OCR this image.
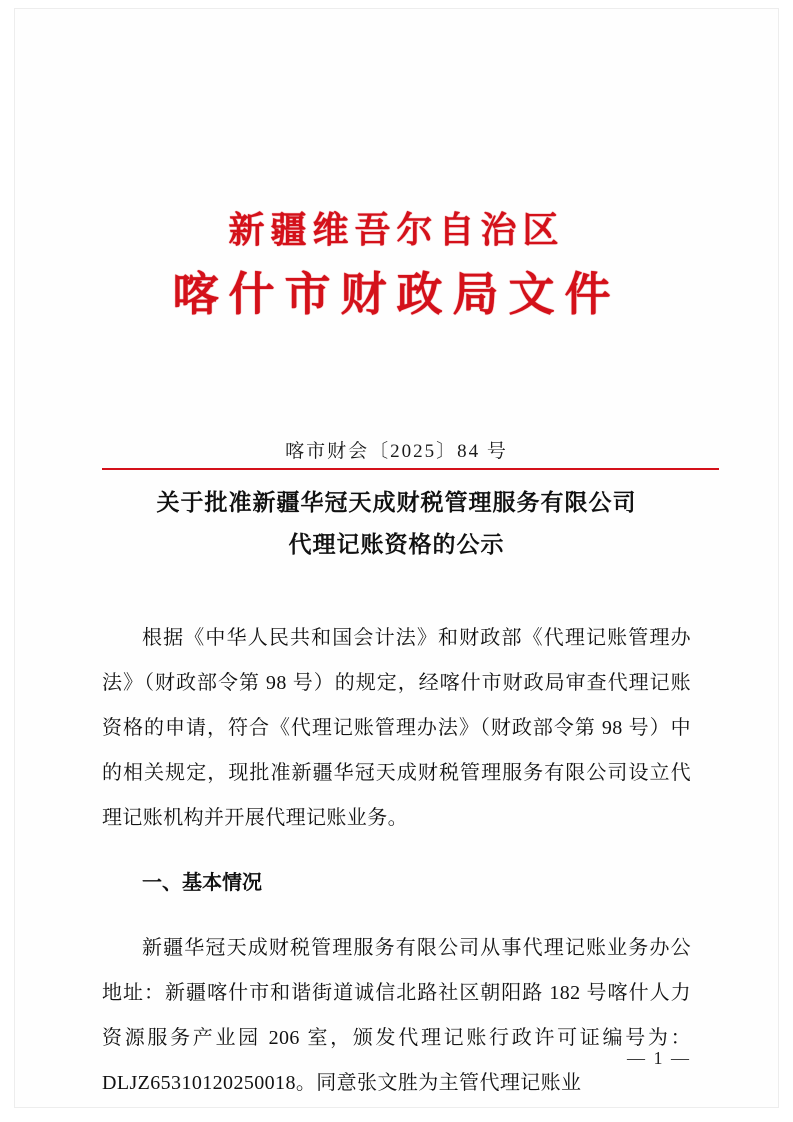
新疆维吾尔自治区
喀什市财政局文件
喀市财会〔2025〕84 号
关于批准新疆华冠天成财税管理服务有限公司
代理记账资格的公示

根据《中华人民共和国会计法》和财政部《代理记账管理办法》（财政部令第 98 号）的规定，经喀什市财政局审查代理记账资格的申请，符合《代理记账管理办法》（财政部令第 98 号）中的相关规定，现批准新疆华冠天成财税管理服务有限公司设立代理记账机构并开展代理记账业务。

一、基本情况

新疆华冠天成财税管理服务有限公司从事代理记账业务办公地址：新疆喀什市和谐街道诚信北路社区朝阳路 182 号喀什人力资源服务产业园 206 室，颁发代理记账行政许可证编号为：DLJZ65310120250018。同意张文胜为主管代理记账业

— 1 —
